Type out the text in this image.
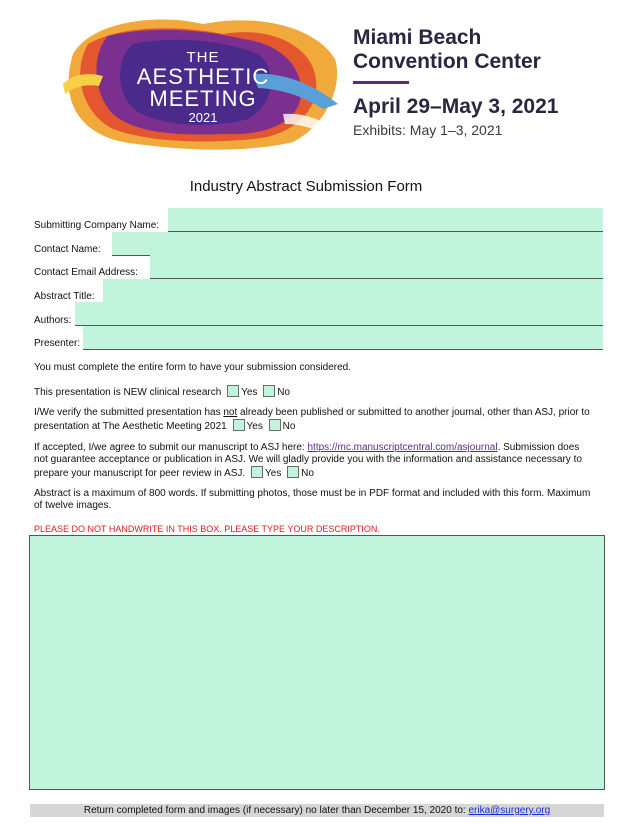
THE
AESTHETIC
MEETING
2021
Miami Beach
Convention Center
April 29–May 3, 2021
Exhibits: May 1–3, 2021
Industry Abstract Submission Form
Submitting Company Name:
Contact Name:
Contact Email Address:
Abstract Title:
Authors:
Presenter:
You must complete the entire form to have your submission considered.
This presentation is NEW clinical research Yes No
I/We verify the submitted presentation has not already been published or submitted to another journal, other than ASJ, prior to presentation at The Aesthetic Meeting 2021 Yes No
If accepted, I/we agree to submit our manuscript to ASJ here: https://mc.manuscriptcentral.com/asjournal. Submission does not guarantee acceptance or publication in ASJ. We will gladly provide you with the information and assistance necessary to prepare your manuscript for peer review in ASJ. Yes No
Abstract is a maximum of 800 words. If submitting photos, those must be in PDF format and included with this form. Maximum of twelve images.
PLEASE DO NOT HANDWRITE IN THIS BOX. PLEASE TYPE YOUR DESCRIPTION.
Return completed form and images (if necessary) no later than December 15, 2020 to: erika@surgery.org
